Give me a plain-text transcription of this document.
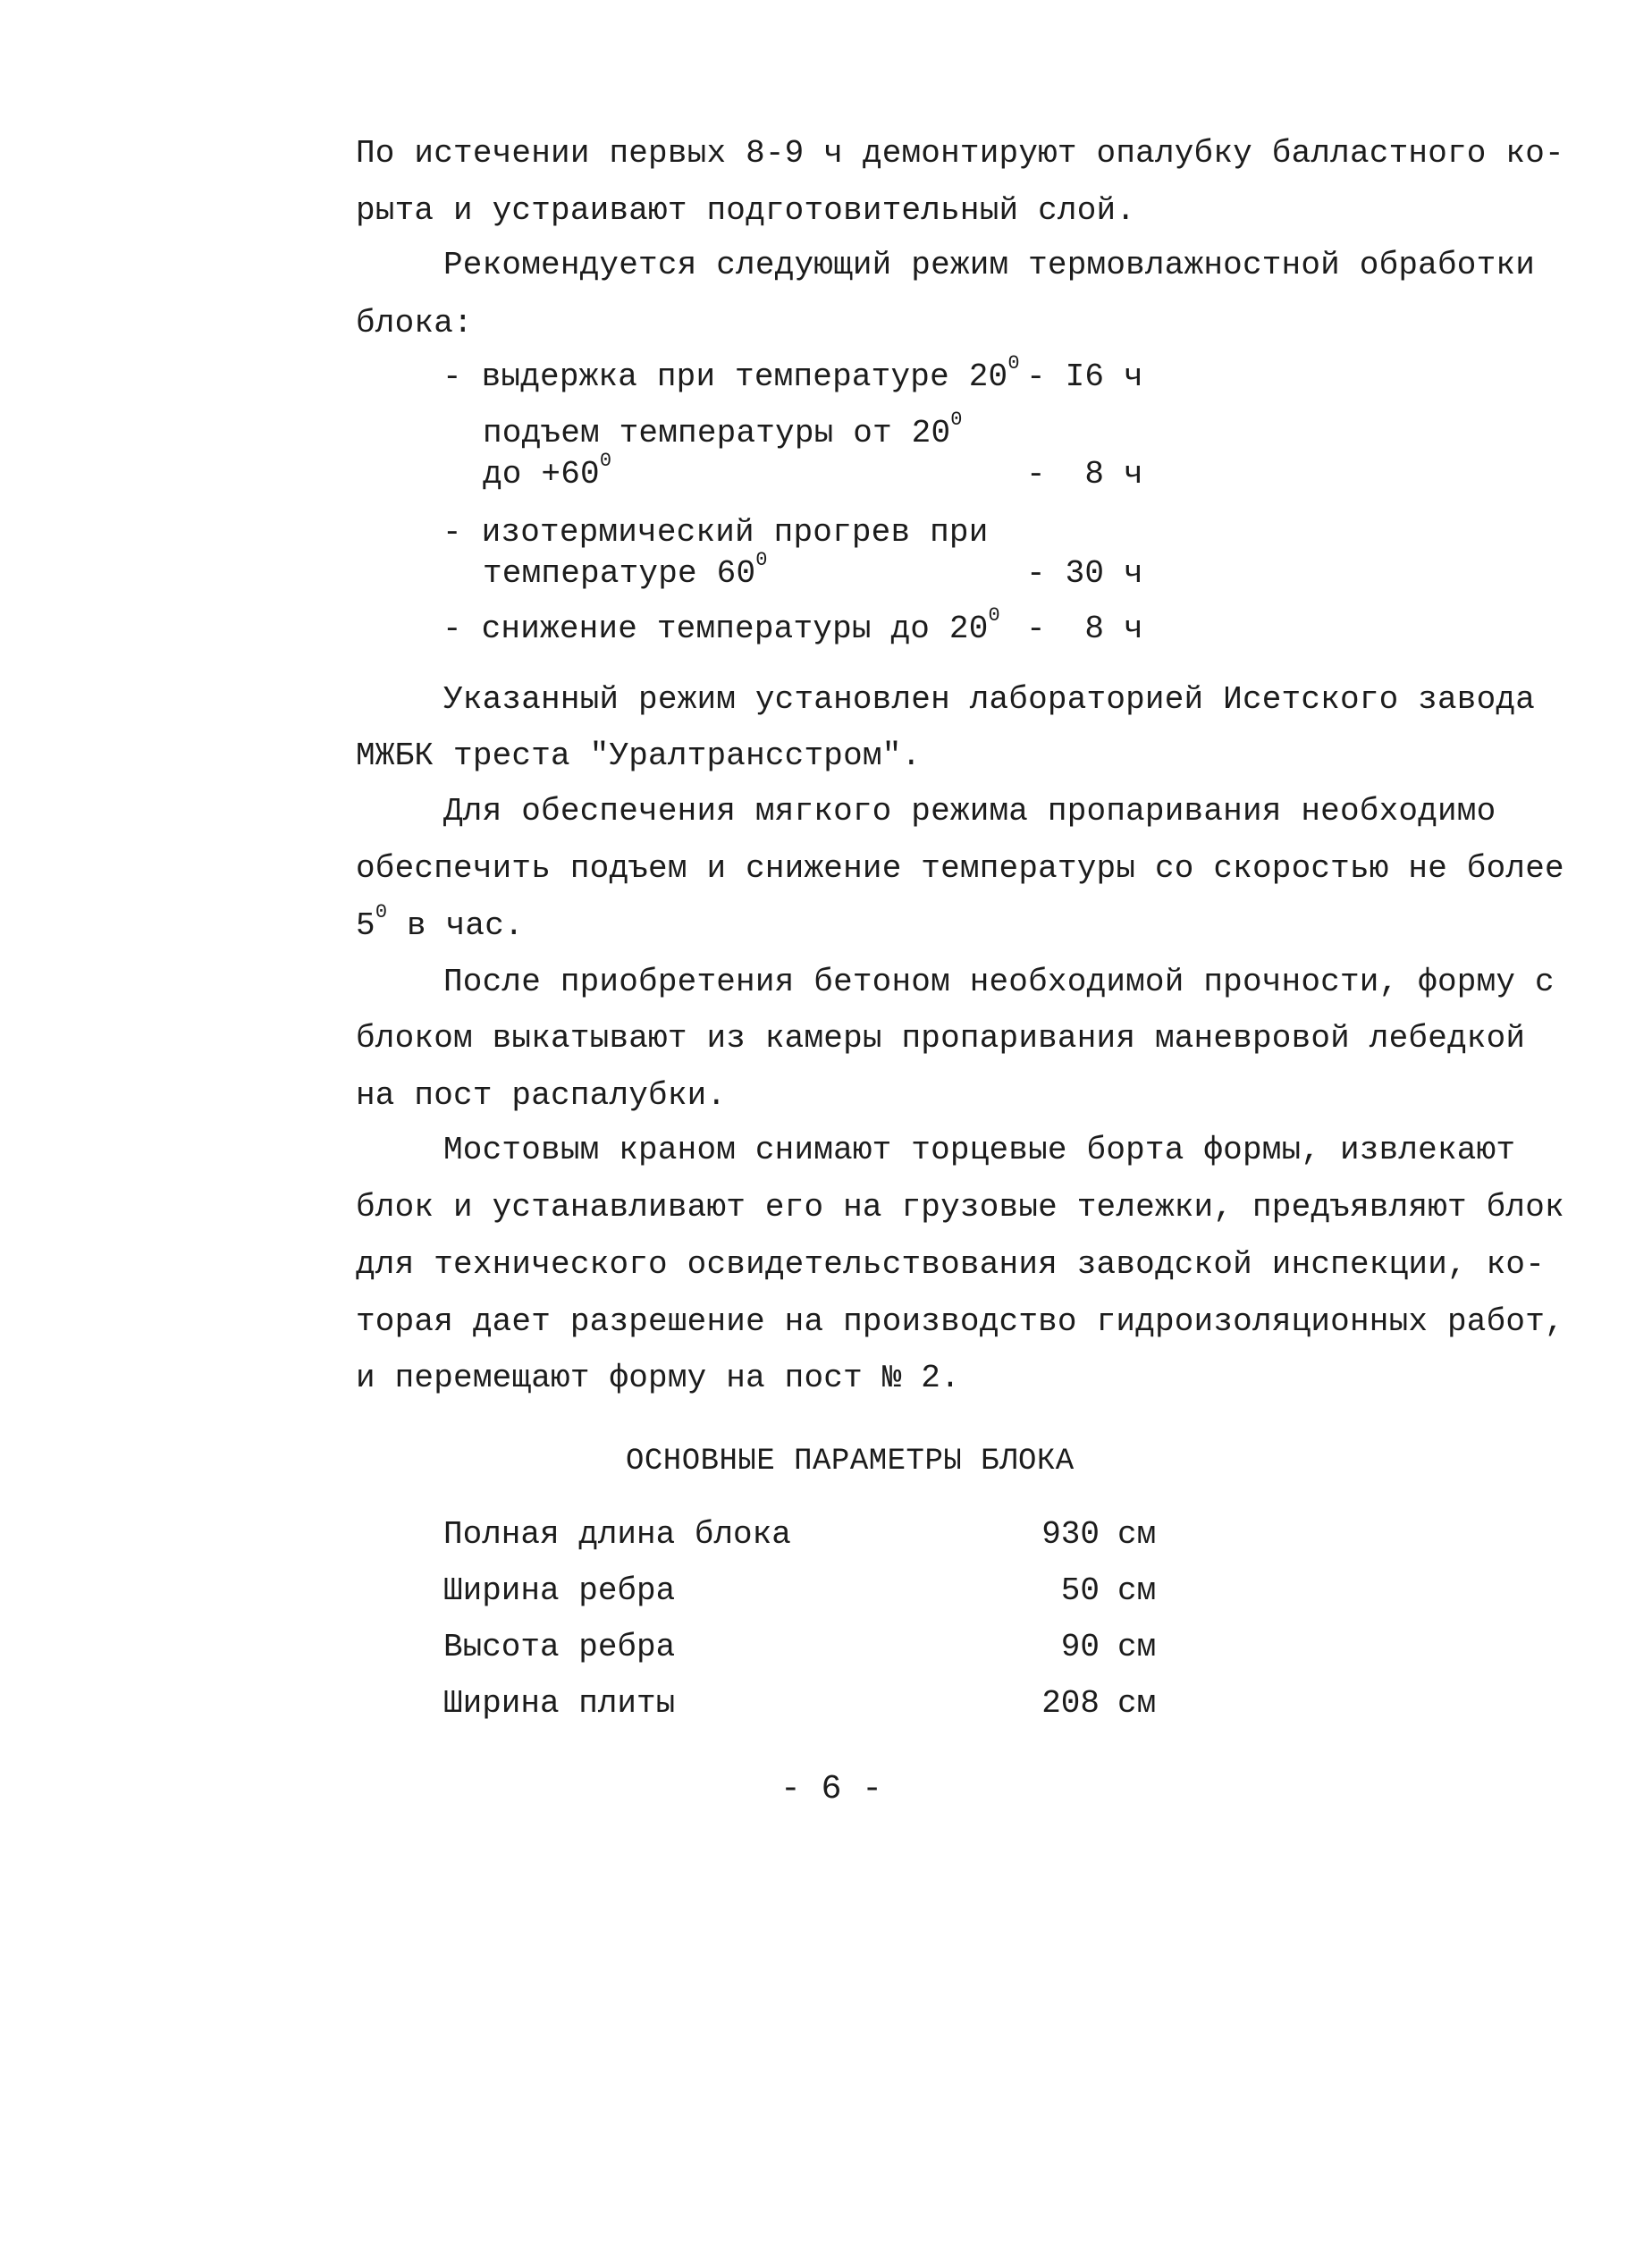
По истечении первых 8-9 ч демонтируют опалубку балластного ко-
рыта и устраивают подготовительный слой.
Рекомендуется следующий режим термовлажностной обработки
блока:
- выдержка при температуре $20^0 - I6$ ч
подъем температуры от $20^0$
до $+60^0$	-  8 ч
- изотермический прогрев при
температуре $60^0$	- 30 ч
- снижение температуры до $20^0 - 8$ ч
Указанный режим установлен лабораторией Исетского завода
МЖБК треста "Уралтрансстром".
Для обеспечения мягкого режима пропаривания необходимо
обеспечить подъем и снижение температуры со скоростью не более
$5^0$ в час.
После приобретения бетоном необходимой прочности, форму с
блоком выкатывают из камеры пропаривания маневровой лебедкой
на пост распалубки.
Мостовым краном снимают торцевые борта формы, извлекают
блок и устанавливают его на грузовые тележки, предъявляют блок
для технического освидетельствования заводской инспекции, ко-
торая дает разрешение на производство гидроизоляционных работ,
и перемещают форму на пост № 2.
ОСНОВНЫЕ ПАРАМЕТРЫ БЛОКА
Полная длина блока	930 см
Ширина ребра	50 см
Высота ребра	90 см
Ширина плиты	208 см
- 6 -
